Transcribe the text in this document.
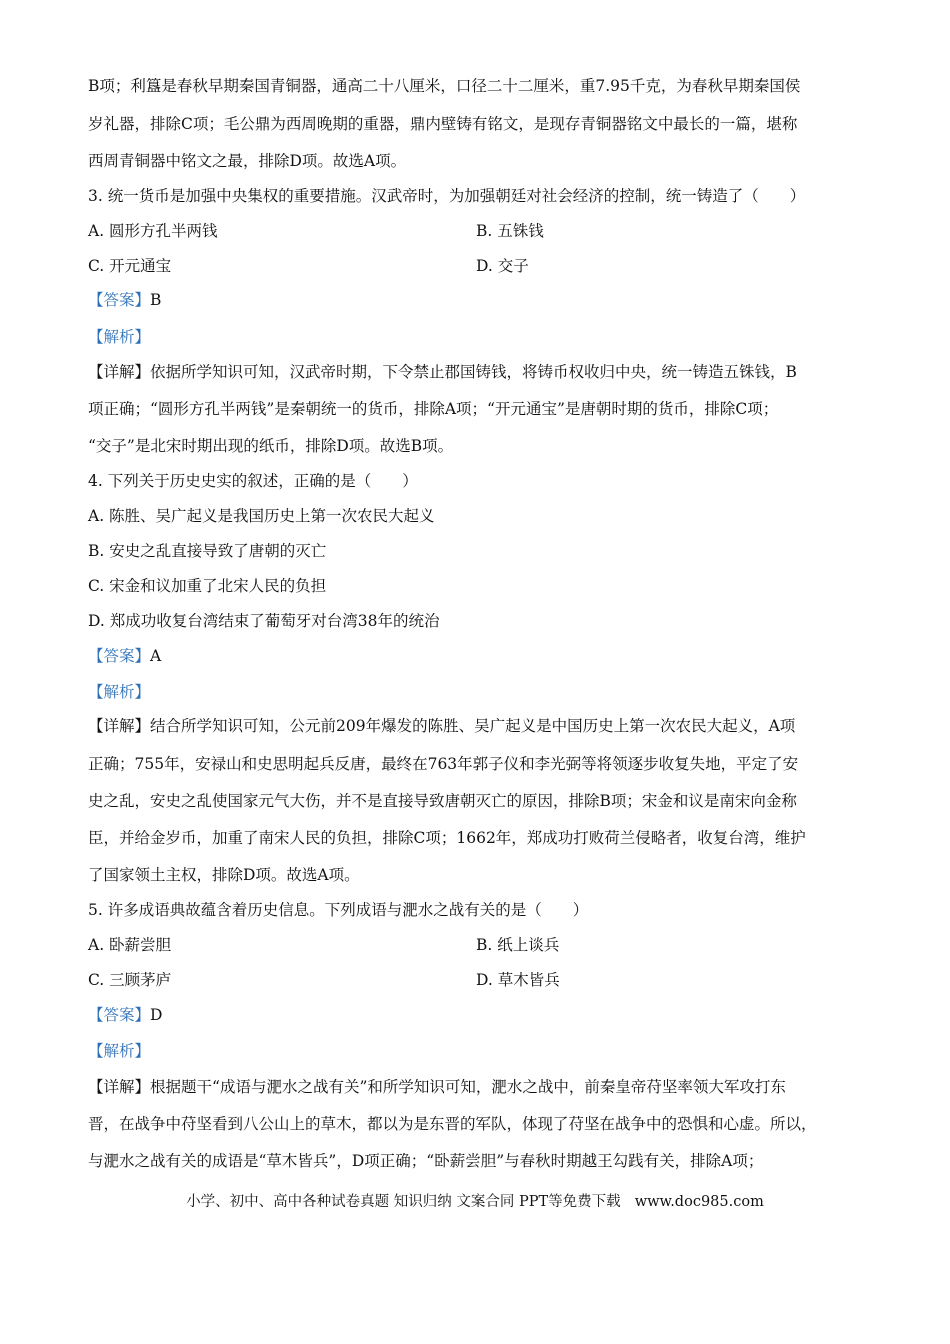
B项；利簋是春秋早期秦国青铜器，通高二十八厘米，口径二十二厘米，重7.95千克，为春秋早期秦国侯
岁礼器，排除C项；毛公鼎为西周晚期的重器，鼎内壁铸有铭文，是现存青铜器铭文中最长的一篇，堪称
西周青铜器中铭文之最，排除D项。故选A项。
3. 统一货币是加强中央集权的重要措施。汉武帝时，为加强朝廷对社会经济的控制，统一铸造了（　　）
A. 圆形方孔半两钱	B. 五铢钱
C. 开元通宝	D. 交子
【答案】B
【解析】
【详解】依据所学知识可知，汉武帝时期，下令禁止郡国铸钱，将铸币权收归中央，统一铸造五铢钱，B
项正确；“圆形方孔半两钱”是秦朝统一的货币，排除A项；“开元通宝”是唐朝时期的货币，排除C项；
“交子”是北宋时期出现的纸币，排除D项。故选B项。
4. 下列关于历史史实的叙述，正确的是（　　）
A. 陈胜、吴广起义是我国历史上第一次农民大起义
B. 安史之乱直接导致了唐朝的灭亡
C. 宋金和议加重了北宋人民的负担
D. 郑成功收复台湾结束了葡萄牙对台湾38年的统治
【答案】A
【解析】
【详解】结合所学知识可知，公元前209年爆发的陈胜、吴广起义是中国历史上第一次农民大起义，A项
正确；755年，安禄山和史思明起兵反唐，最终在763年郭子仪和李光弼等将领逐步收复失地，平定了安
史之乱，安史之乱使国家元气大伤，并不是直接导致唐朝灭亡的原因，排除B项；宋金和议是南宋向金称
臣，并给金岁币，加重了南宋人民的负担，排除C项；1662年，郑成功打败荷兰侵略者，收复台湾，维护
了国家领土主权，排除D项。故选A项。
5. 许多成语典故蕴含着历史信息。下列成语与淝水之战有关的是（　　）
A. 卧薪尝胆	B. 纸上谈兵
C. 三顾茅庐	D. 草木皆兵
【答案】D
【解析】
【详解】根据题干“成语与淝水之战有关”和所学知识可知，淝水之战中，前秦皇帝苻坚率领大军攻打东
晋，在战争中苻坚看到八公山上的草木，都以为是东晋的军队，体现了苻坚在战争中的恐惧和心虚。所以，
与淝水之战有关的成语是“草木皆兵”，D项正确；“卧薪尝胆”与春秋时期越王勾践有关，排除A项；
小学、初中、高中各种试卷真题 知识归纳 文案合同 PPT等免费下载 www.doc985.com
